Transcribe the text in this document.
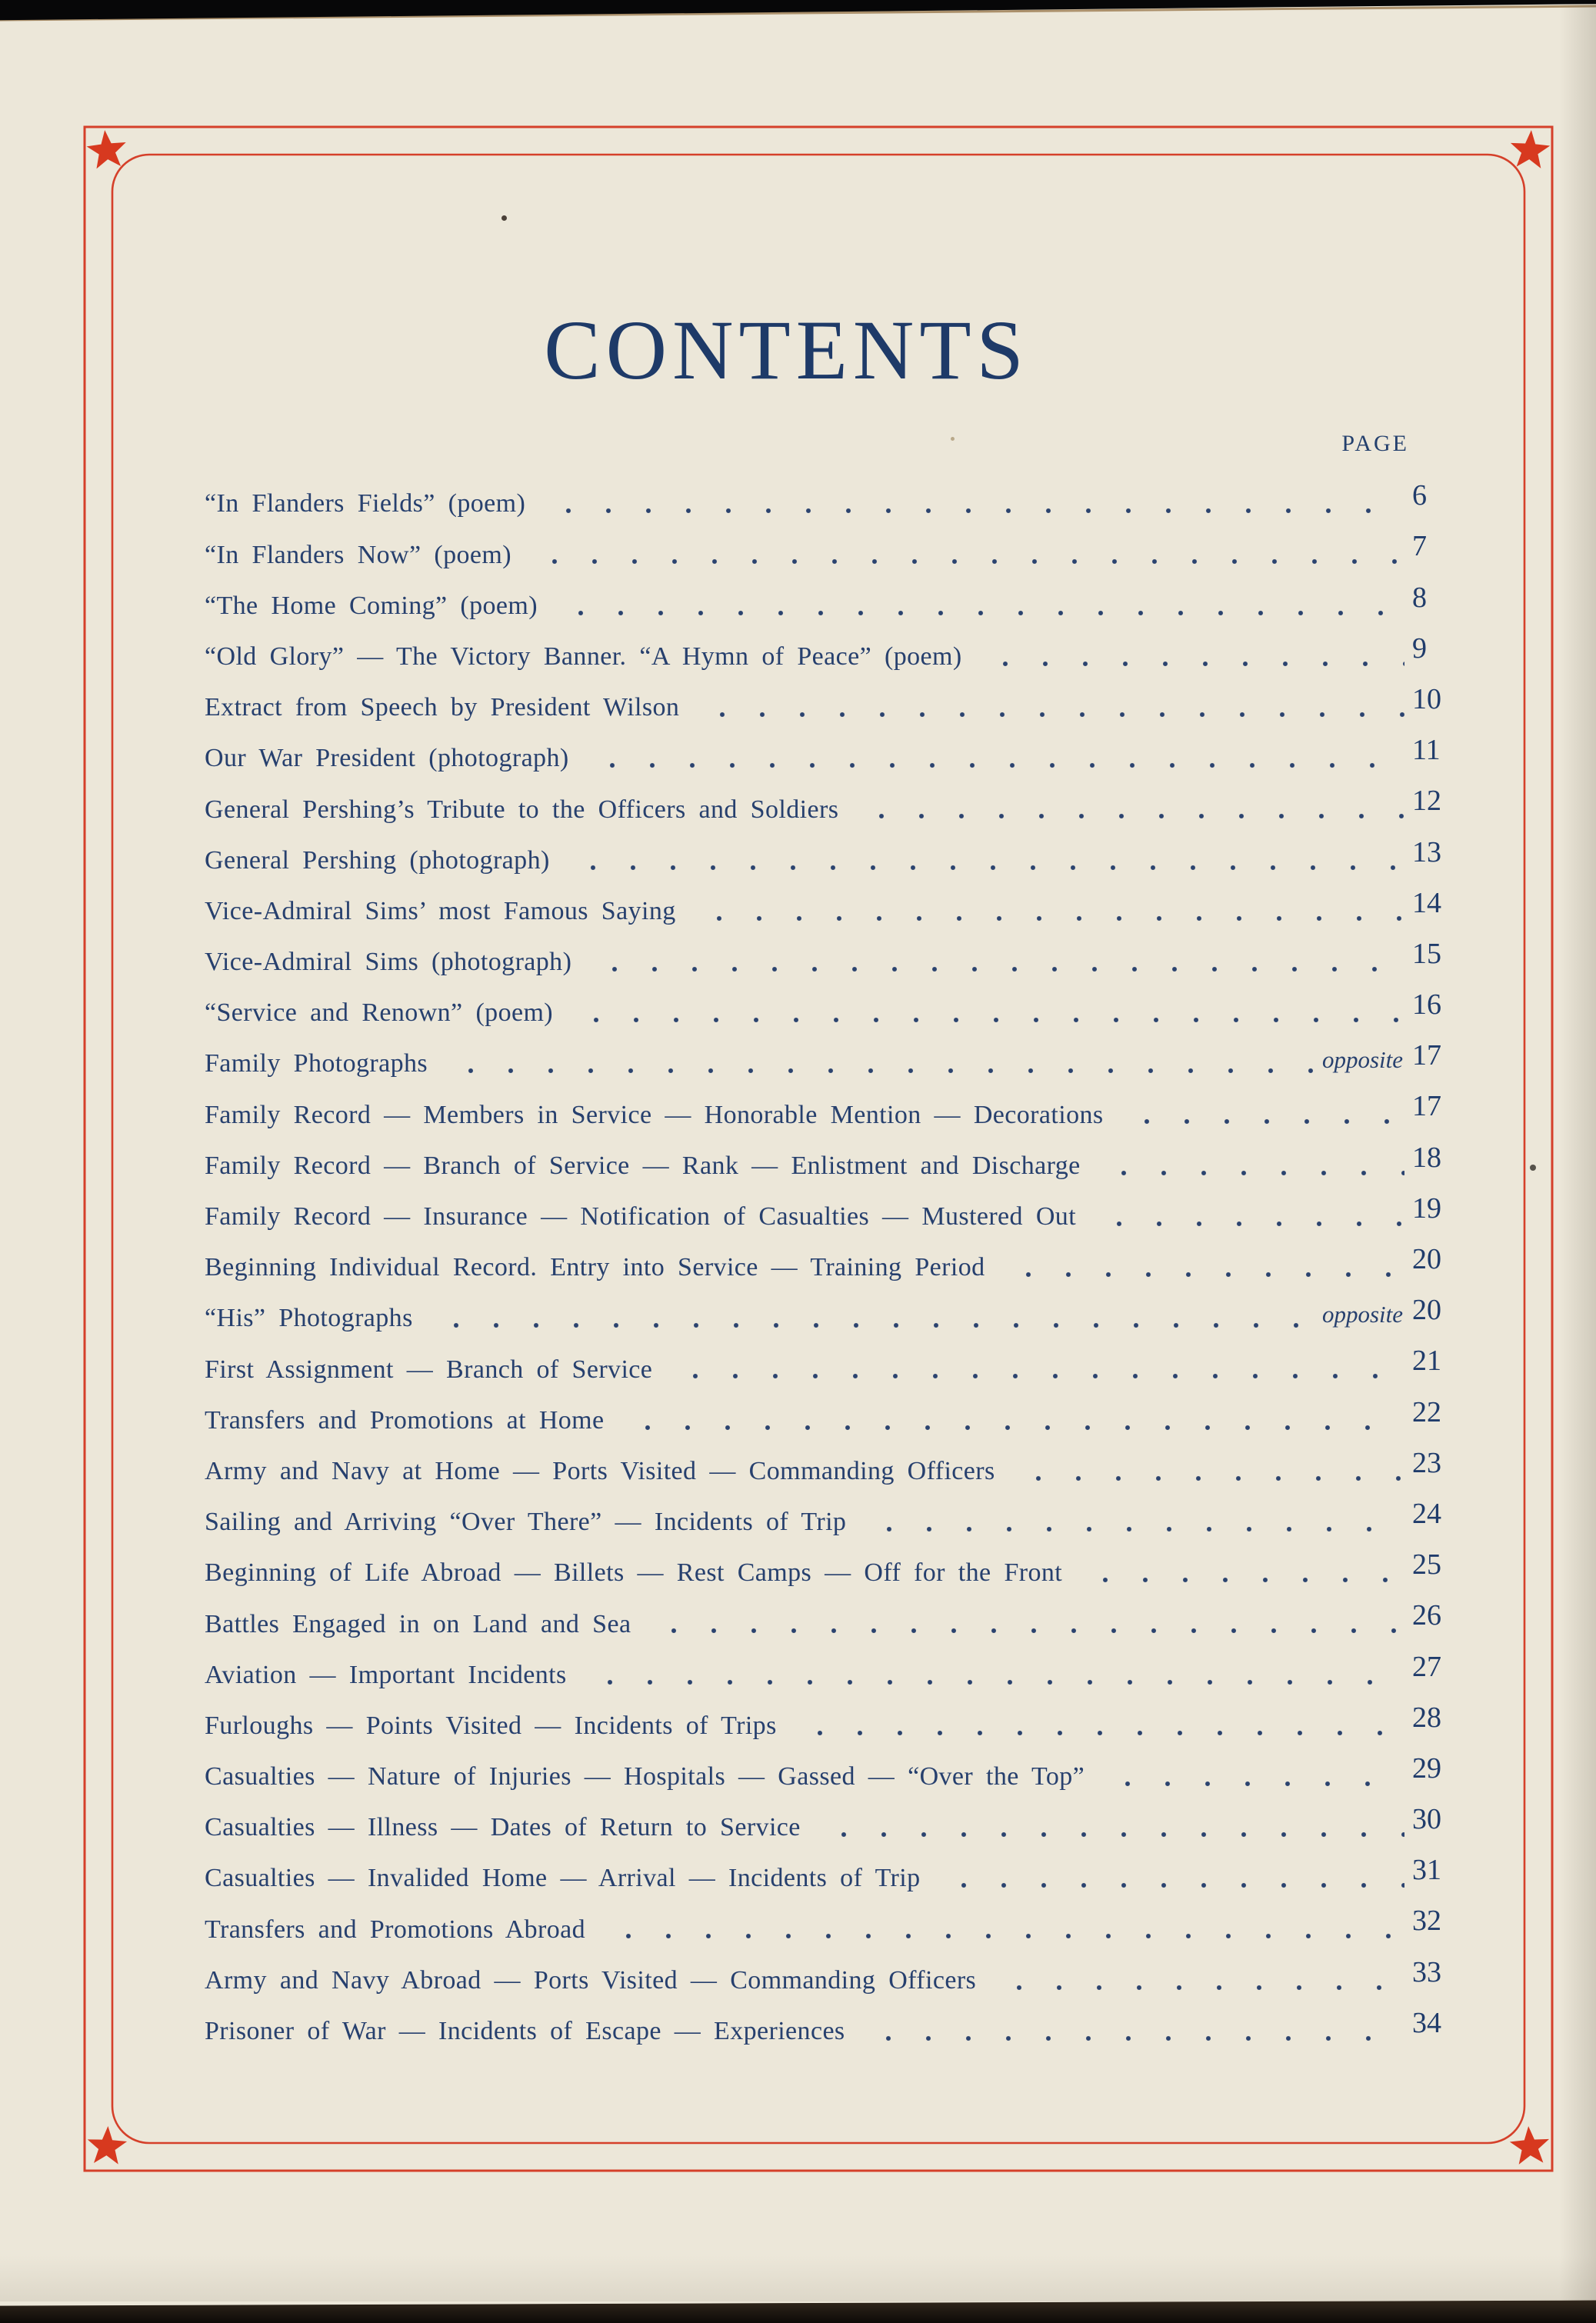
CONTENTS
PAGE
“In Flanders Fields” (poem)	6
“In Flanders Now” (poem)	7
“The Home Coming” (poem)	8
“Old Glory” — The Victory Banner. “A Hymn of Peace” (poem)	9
Extract from Speech by President Wilson	10
Our War President (photograph)	11
General Pershing’s Tribute to the Officers and Soldiers	12
General Pershing (photograph)	13
Vice-Admiral Sims’ most Famous Saying	14
Vice-Admiral Sims (photograph)	15
“Service and Renown” (poem)	16
Family Photographs	opposite 17
Family Record — Members in Service — Honorable Mention — Decorations	17
Family Record — Branch of Service — Rank — Enlistment and Discharge	18
Family Record — Insurance — Notification of Casualties — Mustered Out	19
Beginning Individual Record. Entry into Service — Training Period	20
“His” Photographs	opposite 20
First Assignment — Branch of Service	21
Transfers and Promotions at Home	22
Army and Navy at Home — Ports Visited — Commanding Officers	23
Sailing and Arriving “Over There” — Incidents of Trip	24
Beginning of Life Abroad — Billets — Rest Camps — Off for the Front	25
Battles Engaged in on Land and Sea	26
Aviation — Important Incidents	27
Furloughs — Points Visited — Incidents of Trips	28
Casualties — Nature of Injuries — Hospitals — Gassed — “Over the Top”	29
Casualties — Illness — Dates of Return to Service	30
Casualties — Invalided Home — Arrival — Incidents of Trip	31
Transfers and Promotions Abroad	32
Army and Navy Abroad — Ports Visited — Commanding Officers	33
Prisoner of War — Incidents of Escape — Experiences	34
